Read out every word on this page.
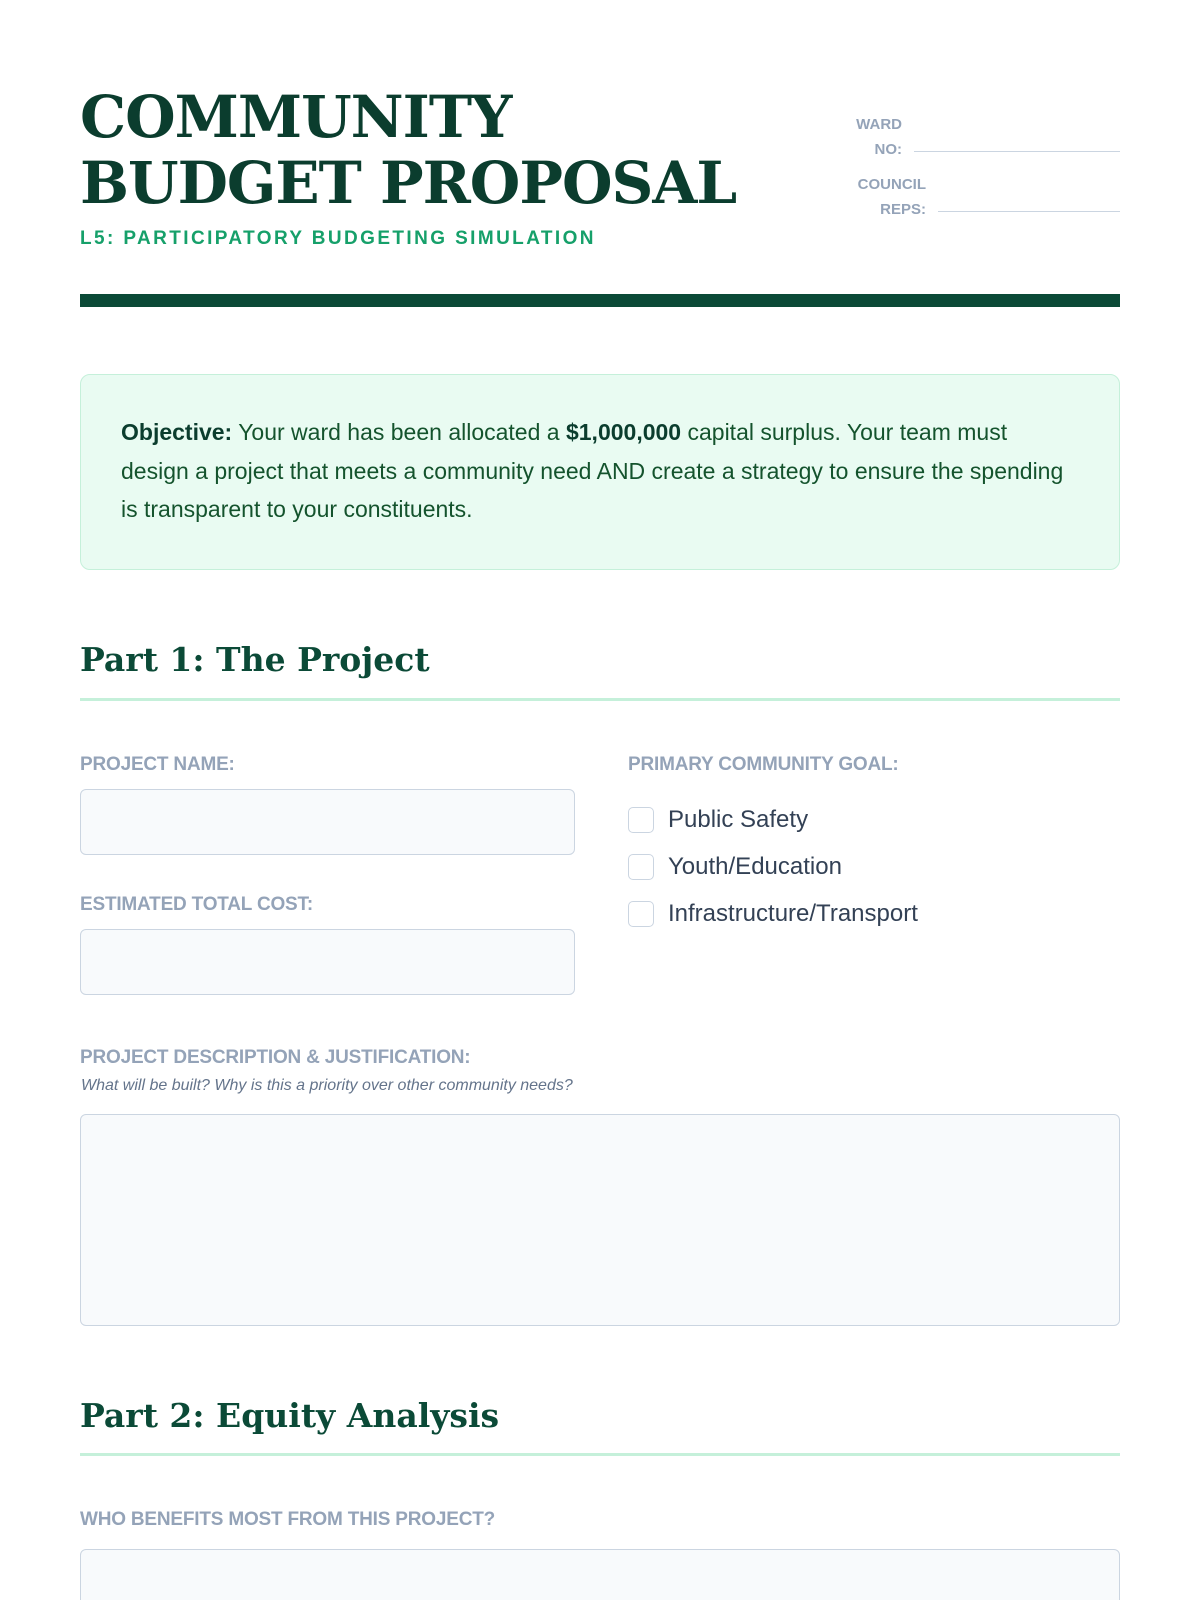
COMMUNITY BUDGET PROPOSAL
L5: PARTICIPATORY BUDGETING SIMULATION
WARD NO:
COUNCIL REPS:
Objective: Your ward has been allocated a $1,000,000 capital surplus. Your team must design a project that meets a community need AND create a strategy to ensure the spending is transparent to your constituents.
Part 1: The Project
PROJECT NAME:
ESTIMATED TOTAL COST:
PRIMARY COMMUNITY GOAL:
Public Safety
Youth/Education
Infrastructure/Transport
PROJECT DESCRIPTION & JUSTIFICATION:
What will be built? Why is this a priority over other community needs?
Part 2: Equity Analysis
WHO BENEFITS MOST FROM THIS PROJECT?
